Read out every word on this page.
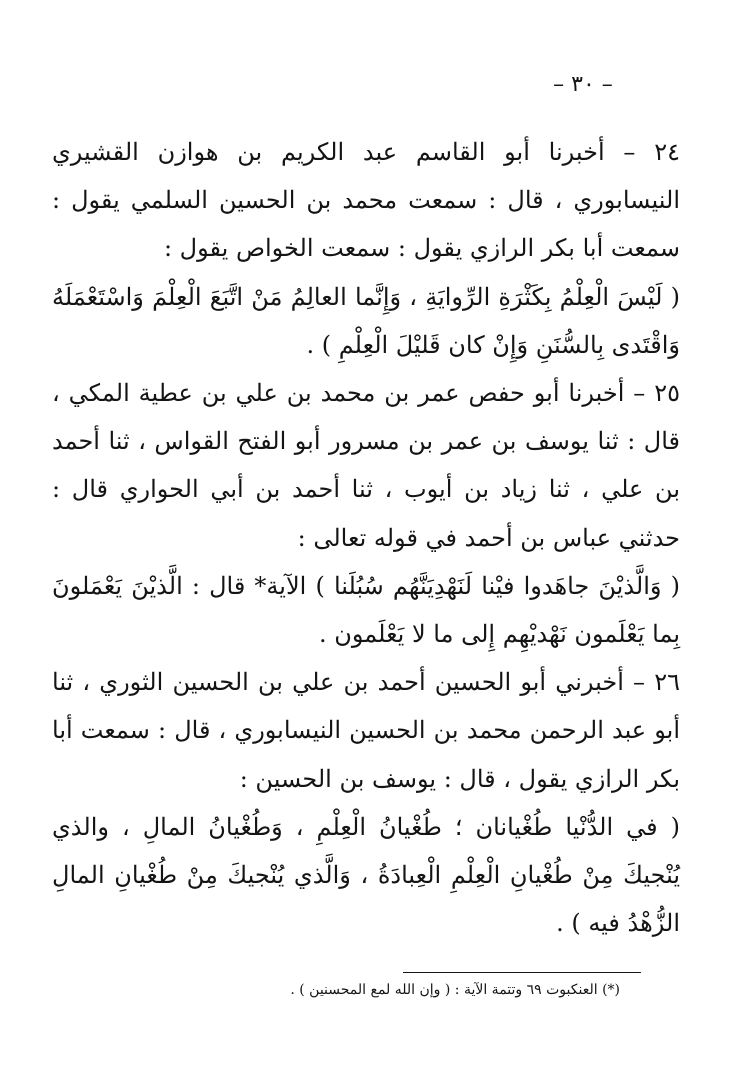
– ٣٠ –

٢٤ – أخبرنا أبو القاسم عبد الكريم بن هوازن القشيري النيسابوري ، قال : سمعت محمد بن الحسين السلمي يقول : سمعت أبا بكر الرازي يقول : سمعت الخواص يقول :

( لَيْسَ الْعِلْمُ بِكَثْرَةِ الرِّوايَةِ ، وَإِنَّما العالِمُ مَنْ اتَّبَعَ الْعِلْمَ وَاسْتَعْمَلَهُ وَاقْتَدى بِالسُّنَنِ وَإِنْ كان قَليْلَ الْعِلْمِ ) .

٢٥ – أخبرنا أبو حفص عمر بن محمد بن علي بن عطية المكي ، قال : ثنا يوسف بن عمر بن مسرور أبو الفتح القواس ، ثنا أحمد بن علي ، ثنا زياد بن أيوب ، ثنا أحمد بن أبي الحواري قال : حدثني عباس بن أحمد في قوله تعالى :

( وَالَّذيْنَ جاهَدوا فيْنا لَنَهْدِيَنَّهُم سُبُلَنا ) الآية* قال : الَّذيْنَ يَعْمَلونَ بِما يَعْلَمون نَهْديْهِم إِلى ما لا يَعْلَمون .

٢٦ – أخبرني أبو الحسين أحمد بن علي بن الحسين الثوري ، ثنا أبو عبد الرحمن محمد بن الحسين النيسابوري ، قال : سمعت أبا بكر الرازي يقول ، قال : يوسف بن الحسين :

( في الدُّنْيا طُغْيانان ؛ طُغْيانُ الْعِلْمِ ، وَطُغْيانُ المالِ ، والذي يُنْجيكَ مِنْ طُغْيانِ الْعِلْمِ الْعِبادَةُ ، وَالَّذي يُنْجيكَ مِنْ طُغْيانِ المالِ الزُّهْدُ فيه ) .

(*) العنكبوت ٦٩ وتتمة الآية : ( وإن الله لمع المحسنين ) .
